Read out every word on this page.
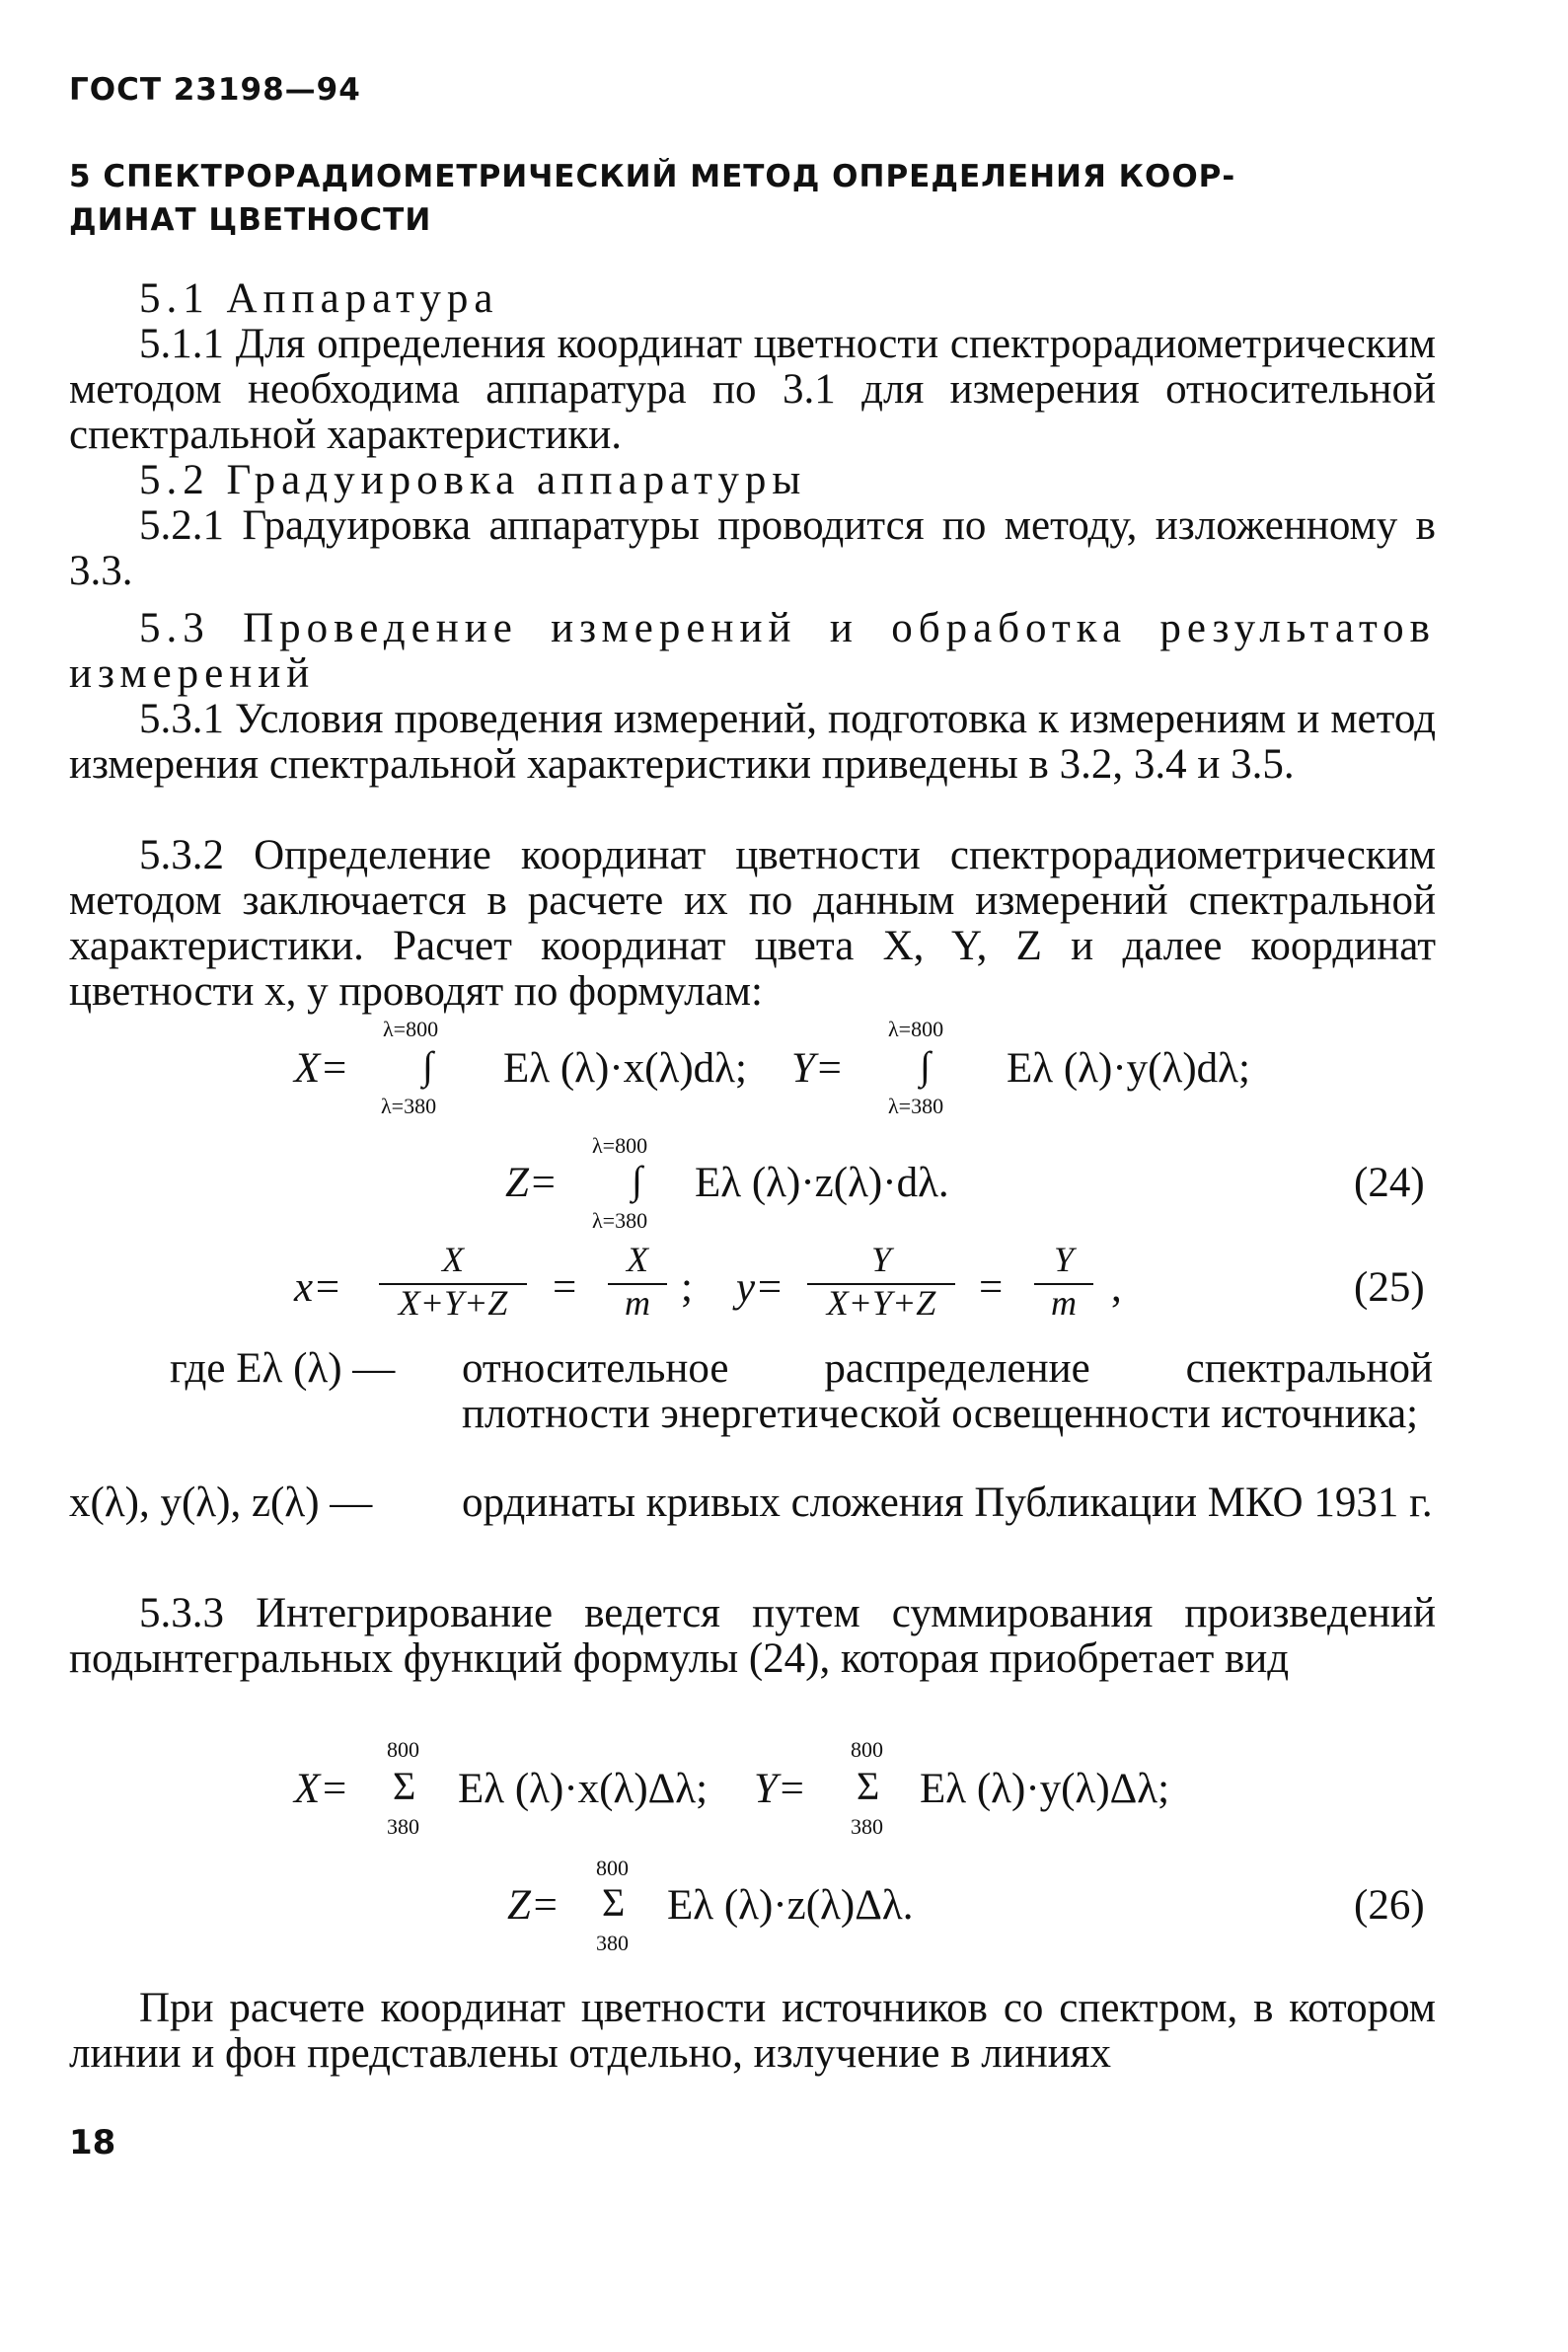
ГОСТ 23198—94
5 СПЕКТРОРАДИОМЕТРИЧЕСКИЙ МЕТОД ОПРЕДЕЛЕНИЯ КООР-
ДИНАТ ЦВЕТНОСТИ
5.1 Аппаратура
5.1.1 Для определения координат цветности спектрорадиометрическим методом необходима аппаратура по 3.1 для измерения относительной спектральной характеристики.
5.2 Градуировка аппаратуры
5.2.1 Градуировка аппаратуры проводится по методу, изложенному в 3.3.
5.3 Проведение измерений и обработка результатов измерений
5.3.1 Условия проведения измерений, подготовка к измерениям и метод измерения спектральной характеристики приведены в 3.2, 3.4 и 3.5.
5.3.2 Определение координат цветности спектрорадиометрическим методом заключается в расчете их по данным измерений спектральной характеристики. Расчет координат цвета X, Y, Z и далее координат цветности x, y проводят по формулам:
X=
λ=800
∫
λ=380
Eλ (λ)·x(λ)dλ; Y=
λ=800
∫
λ=380
Eλ (λ)·y(λ)dλ;
Z=
λ=800
∫
λ=380
Eλ (λ)·z(λ)·dλ.	(24)
x=
X
X+Y+Z	=
X
m ; y=
Y
X+Y+Z	=
Y
m ,	(25)
где Eλ (λ) — относительное распределение спектральной плотности энергетической освещенности источника;
x(λ), y(λ), z(λ) — ординаты кривых сложения Публикации МКО 1931 г.
5.3.3 Интегрирование ведется путем суммирования произведений подынтегральных функций формулы (24), которая приобретает вид
X=
800
Σ
380
Eλ (λ)·x(λ)Δλ; Y=
800
Σ
380
Eλ (λ)·y(λ)Δλ;
Z=
800
Σ
380
Eλ (λ)·z(λ)Δλ.	(26)
При расчете координат цветности источников со спектром, в котором линии и фон представлены отдельно, излучение в линиях
18
